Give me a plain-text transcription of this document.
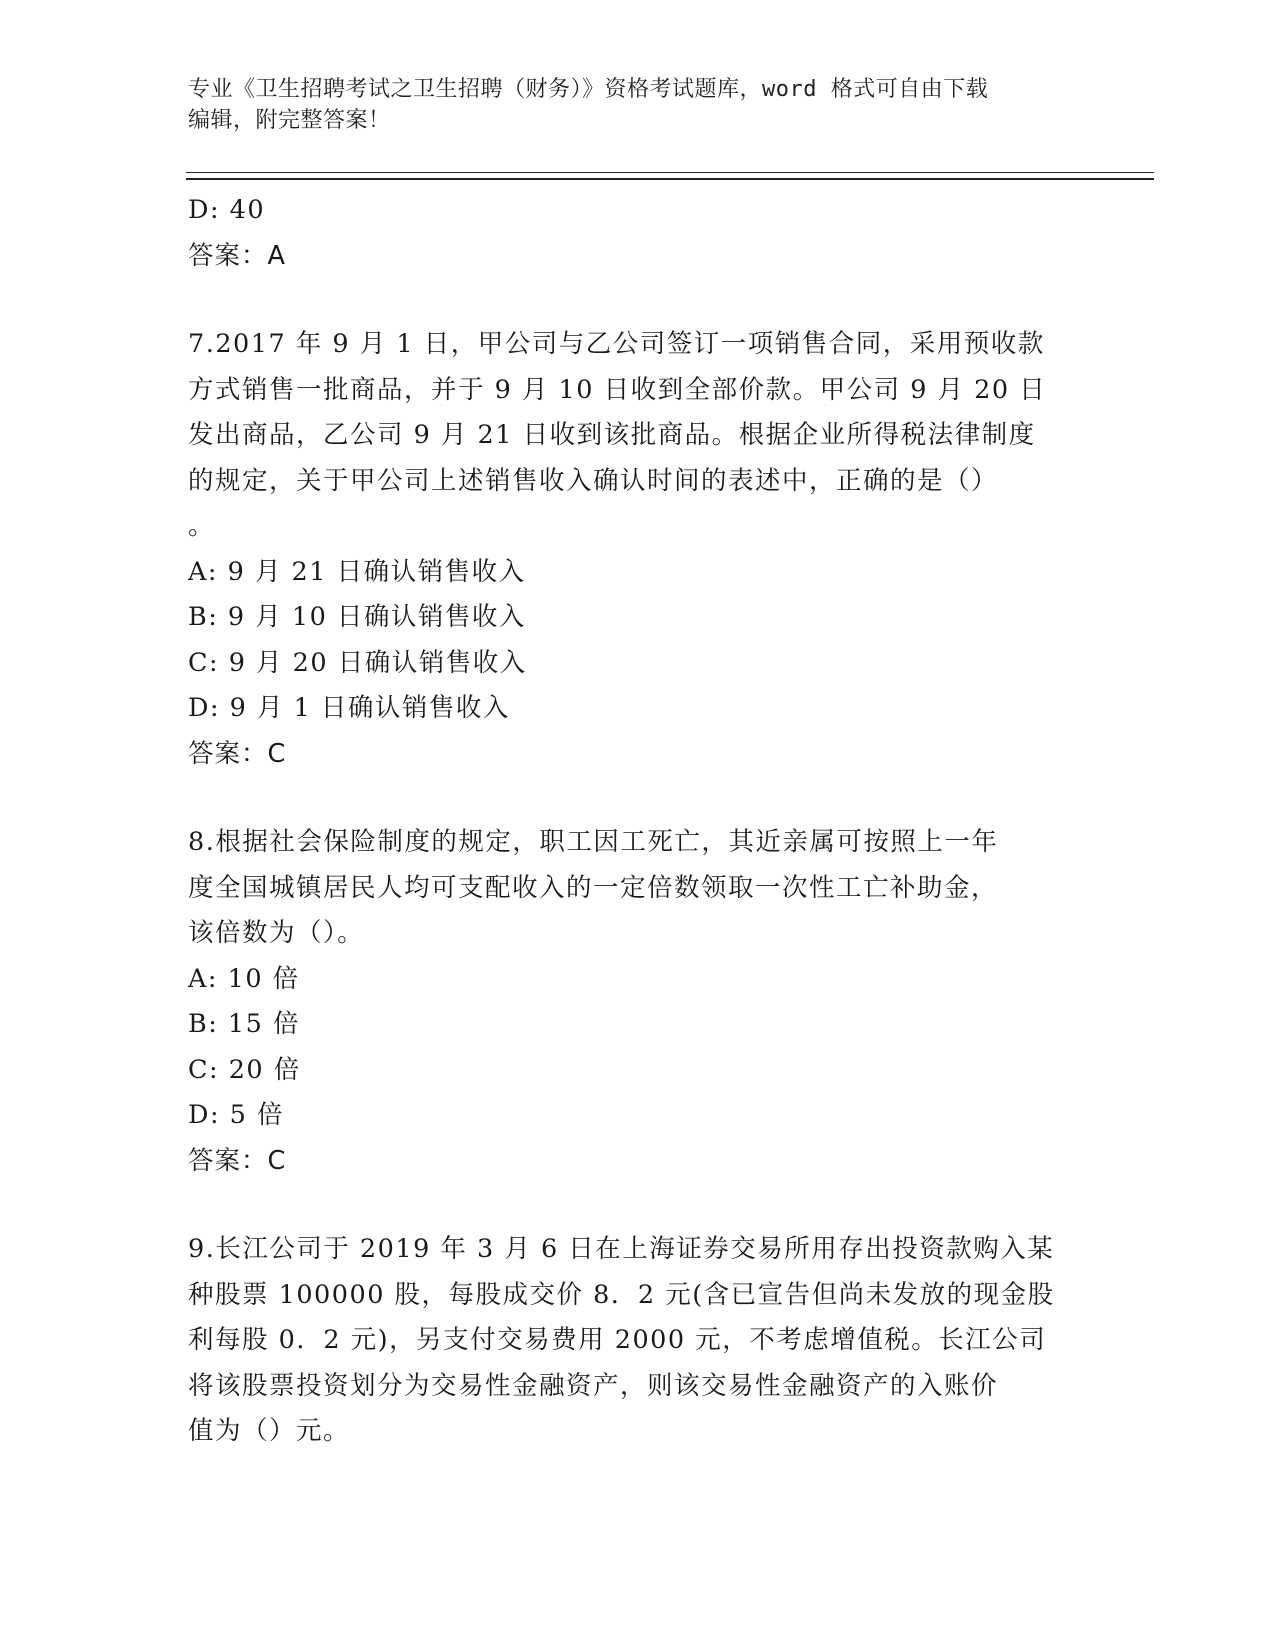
专业《卫生招聘考试之卫生招聘（财务）》资格考试题库，word 格式可自由下载
编辑，附完整答案！
D: 40
答案：A
7.2017 年 9 月 1 日，甲公司与乙公司签订一项销售合同，采用预收款
方式销售一批商品，并于 9 月 10 日收到全部价款。甲公司 9 月 20 日
发出商品，乙公司 9 月 21 日收到该批商品。根据企业所得税法律制度
的规定，关于甲公司上述销售收入确认时间的表述中，正确的是（）
。
A: 9 月 21 日确认销售收入
B: 9 月 10 日确认销售收入
C: 9 月 20 日确认销售收入
D: 9 月 1 日确认销售收入
答案：C
8.根据社会保险制度的规定，职工因工死亡，其近亲属可按照上一年
度全国城镇居民人均可支配收入的一定倍数领取一次性工亡补助金，
该倍数为（）。
A: 10 倍
B: 15 倍
C: 20 倍
D: 5 倍
答案：C
9.长江公司于 2019 年 3 月 6 日在上海证券交易所用存出投资款购入某
种股票 100000 股，每股成交价 8．2 元(含已宣告但尚未发放的现金股
利每股 0．2 元)，另支付交易费用 2000 元，不考虑增值税。长江公司
将该股票投资划分为交易性金融资产，则该交易性金融资产的入账价
值为（）元。
